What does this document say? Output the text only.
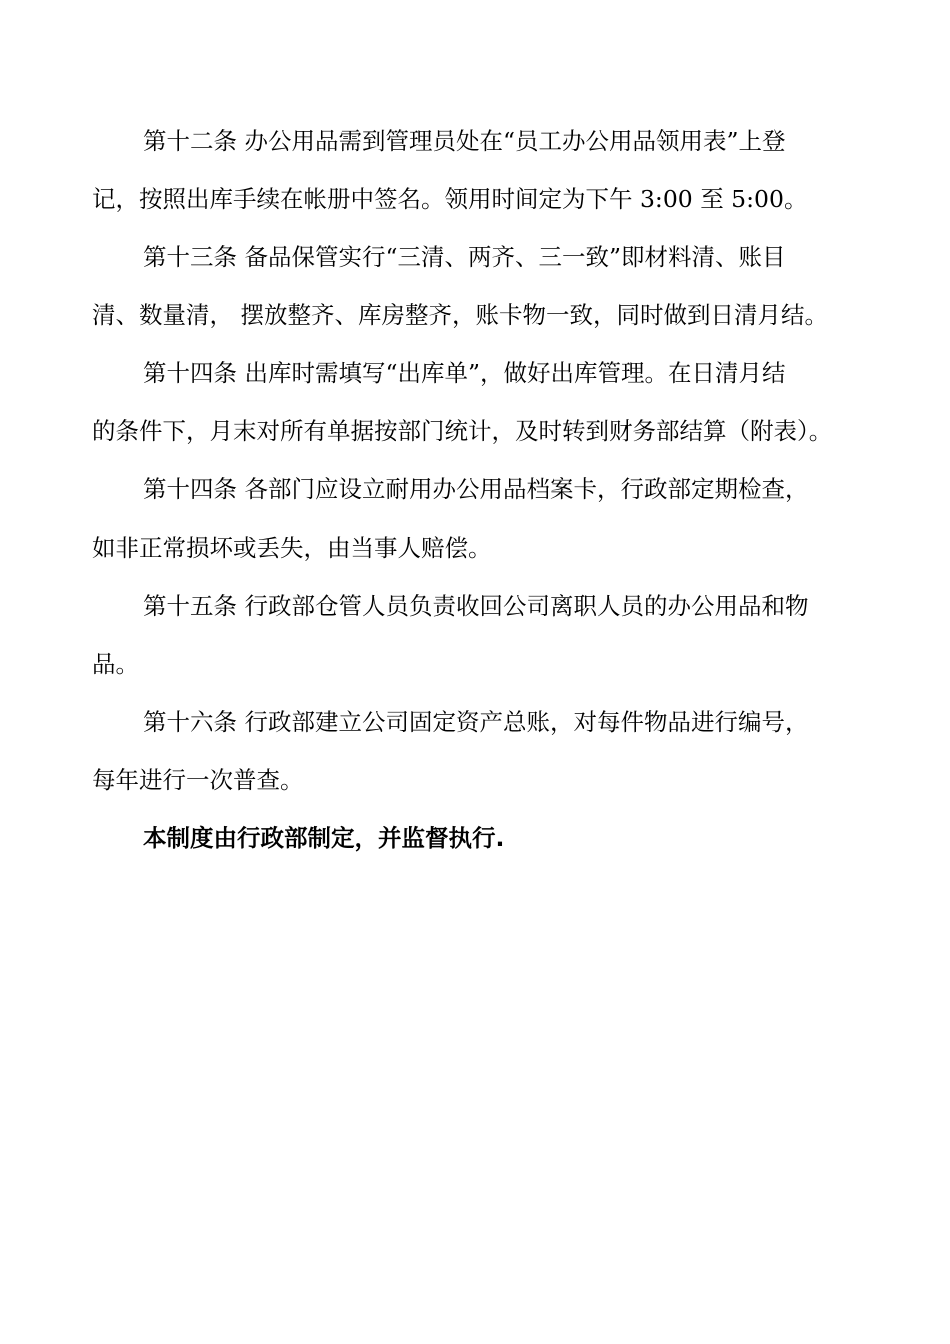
第十二条 办公用品需到管理员处在“员工办公用品领用表”上登
记，按照出库手续在帐册中签名。领用时间定为下午 3:00 至 5:00。
第十三条 备品保管实行“三清、两齐、三一致”即材料清、账目
清、数量清， 摆放整齐、库房整齐，账卡物一致，同时做到日清月结。
第十四条 出库时需填写“出库单”，做好出库管理。在日清月结
的条件下，月末对所有单据按部门统计，及时转到财务部结算（附表）。
第十四条 各部门应设立耐用办公用品档案卡，行政部定期检查，
如非正常损坏或丢失，由当事人赔偿。
第十五条 行政部仓管人员负责收回公司离职人员的办公用品和物
品。
第十六条 行政部建立公司固定资产总账，对每件物品进行编号，
每年进行一次普查。
本制度由行政部制定，并监督执行.
